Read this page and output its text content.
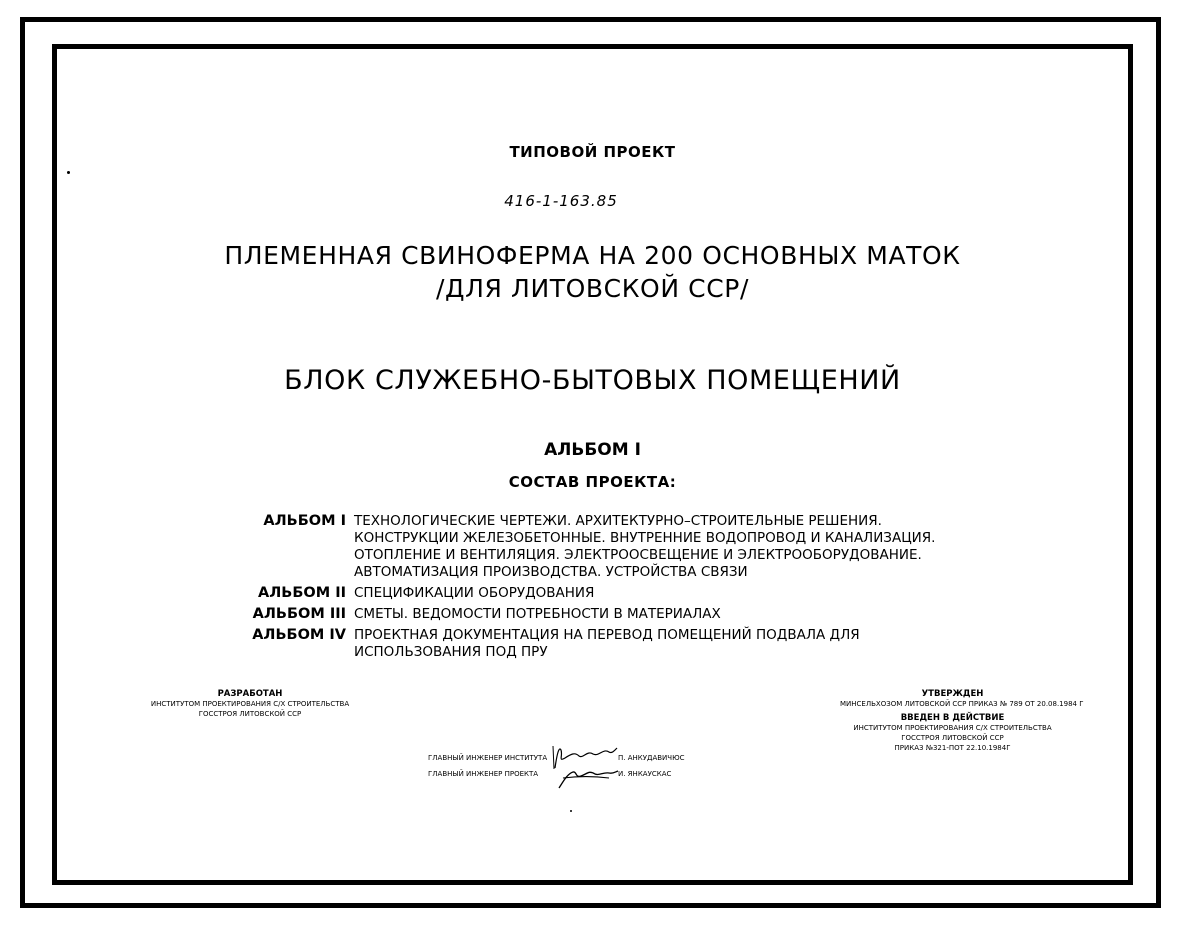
ТИПОВОЙ ПРОЕКТ
416-1-163.85
ПЛЕМЕННАЯ СВИНОФЕРМА НА 200 ОСНОВНЫХ МАТОК
/ДЛЯ ЛИТОВСКОЙ ССР/
БЛОК СЛУЖЕБНО-БЫТОВЫХ ПОМЕЩЕНИЙ
АЛЬБОМ I
СОСТАВ ПРОЕКТА:
АЛЬБОМ I ТЕХНОЛОГИЧЕСКИЕ ЧЕРТЕЖИ. АРХИТЕКТУРНО–СТРОИТЕЛЬНЫЕ РЕШЕНИЯ.
КОНСТРУКЦИИ ЖЕЛЕЗОБЕТОННЫЕ. ВНУТРЕННИЕ ВОДОПРОВОД И КАНАЛИЗАЦИЯ.
ОТОПЛЕНИЕ И ВЕНТИЛЯЦИЯ. ЭЛЕКТРООСВЕЩЕНИЕ И ЭЛЕКТРООБОРУДОВАНИЕ.
АВТОМАТИЗАЦИЯ ПРОИЗВОДСТВА. УСТРОЙСТВА СВЯЗИ
АЛЬБОМ II СПЕЦИФИКАЦИИ ОБОРУДОВАНИЯ
АЛЬБОМ III СМЕТЫ. ВЕДОМОСТИ ПОТРЕБНОСТИ В МАТЕРИАЛАХ
АЛЬБОМ IV ПРОЕКТНАЯ ДОКУМЕНТАЦИЯ НА ПЕРЕВОД ПОМЕЩЕНИЙ ПОДВАЛА ДЛЯ
ИСПОЛЬЗОВАНИЯ ПОД ПРУ
РАЗРАБОТАН
ИНСТИТУТОМ ПРОЕКТИРОВАНИЯ С/Х СТРОИТЕЛЬСТВА
ГОССТРОЯ ЛИТОВСКОЙ ССР
УТВЕРЖДЕН
МИНСЕЛЬХОЗОМ ЛИТОВСКОЙ ССР ПРИКАЗ № 789 ОТ 20.08.1984 Г
ВВЕДЕН В ДЕЙСТВИЕ
ИНСТИТУТОМ ПРОЕКТИРОВАНИЯ С/Х СТРОИТЕЛЬСТВА
ГОССТРОЯ ЛИТОВСКОЙ ССР
ПРИКАЗ №321-ПОТ 22.10.1984Г
ГЛАВНЫЙ ИНЖЕНЕР ИНСТИТУТА	П. АНКУДАВИЧЮС
ГЛАВНЫЙ ИНЖЕНЕР ПРОЕКТА	И. ЯНКАУСКАС
